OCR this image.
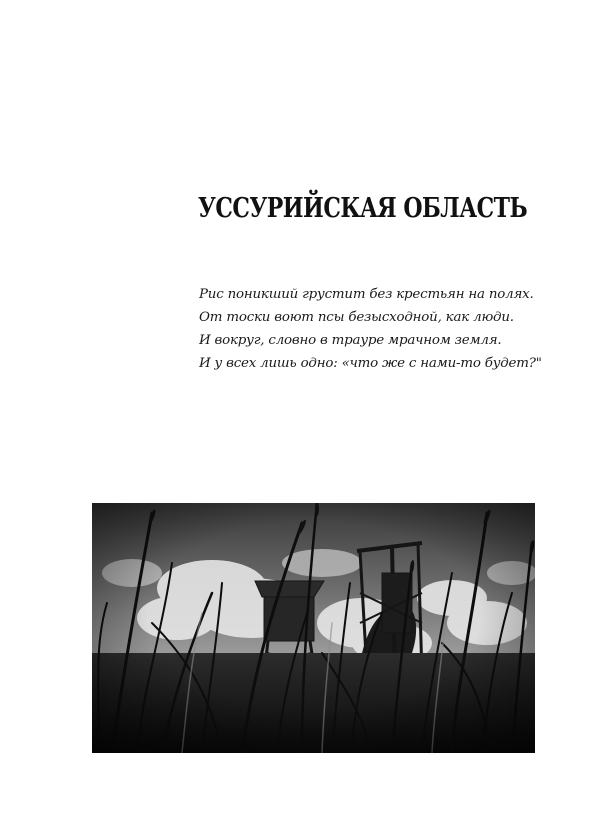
УССУРИЙСКАЯ ОБЛАСТЬ
Рис поникший грустит без крестьян на полях.
От тоски воют псы безысходной, как люди.
И вокруг, словно в трауре мрачном земля.
И у всех лишь одно: «что же с нами-то будет?"
